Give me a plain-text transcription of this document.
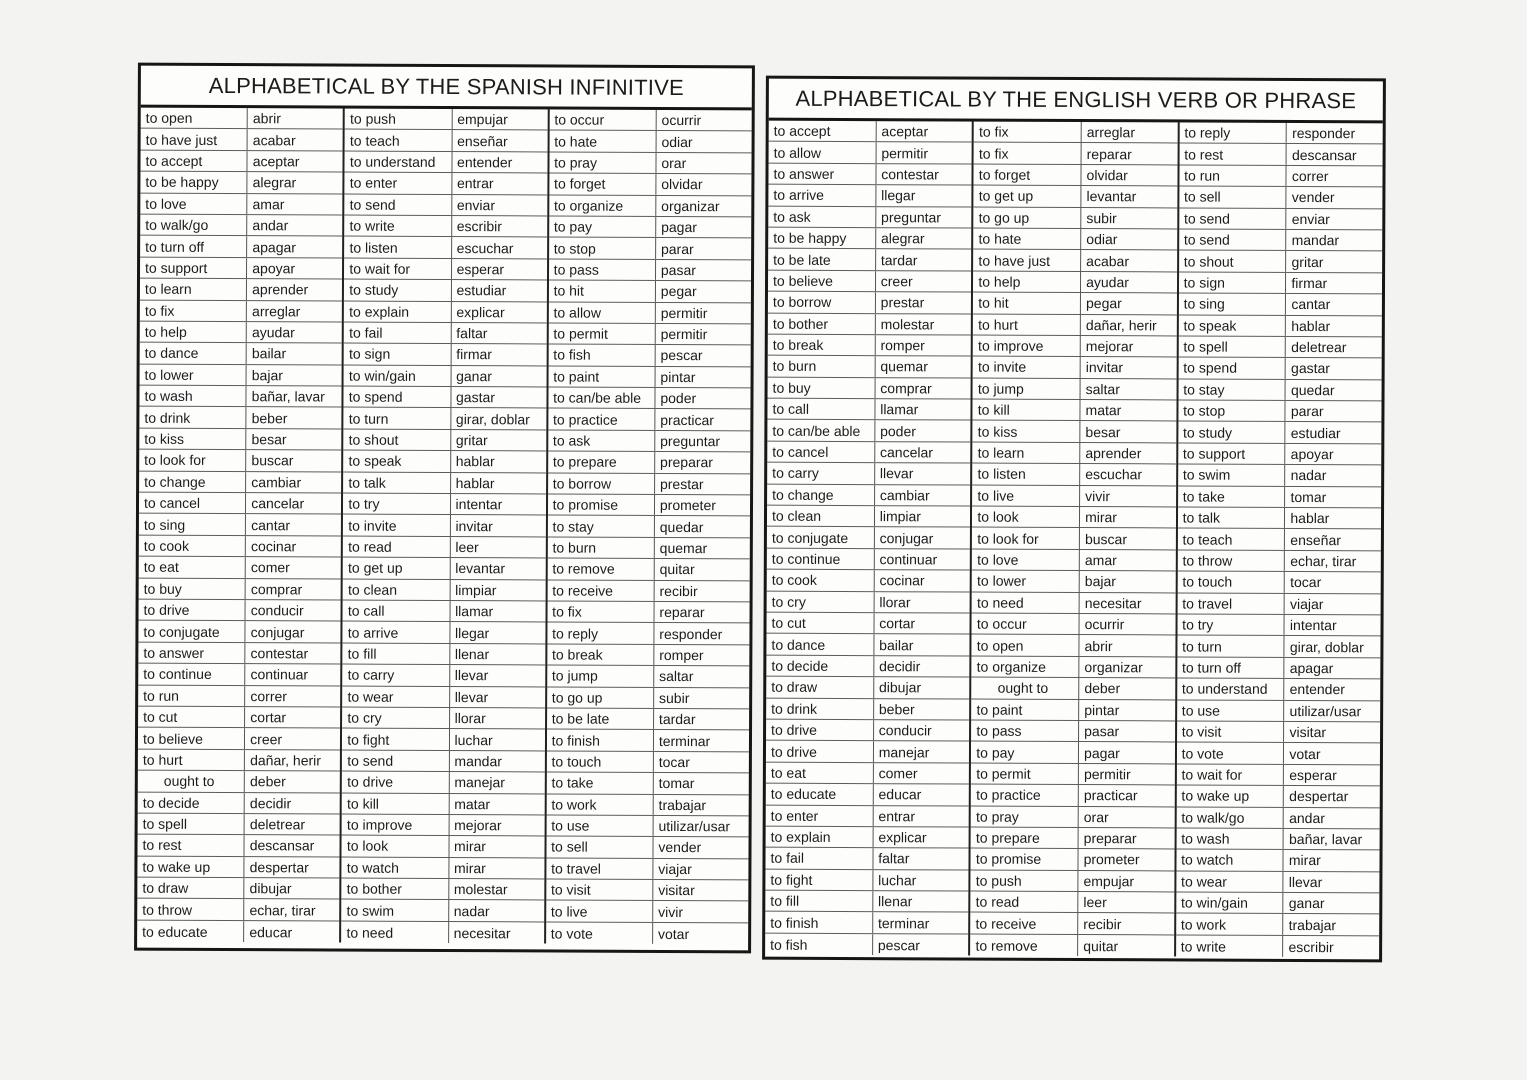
ALPHABETICAL BY THE SPANISH INFINITIVE
to open	abrir
to have just	acabar
to accept	aceptar
to be happy	alegrar
to love	amar
to walk/go	andar
to turn off	apagar
to support	apoyar
to learn	aprender
to fix	arreglar
to help	ayudar
to dance	bailar
to lower	bajar
to wash	bañar, lavar
to drink	beber
to kiss	besar
to look for	buscar
to change	cambiar
to cancel	cancelar
to sing	cantar
to cook	cocinar
to eat	comer
to buy	comprar
to drive	conducir
to conjugate	conjugar
to answer	contestar
to continue	continuar
to run	correr
to cut	cortar
to believe	creer
to hurt	dañar, herir
ought to	deber
to decide	decidir
to spell	deletrear
to rest	descansar
to wake up	despertar
to draw	dibujar
to throw	echar, tirar
to educate	educar
to push	empujar
to teach	enseñar
to understand	entender
to enter	entrar
to send	enviar
to write	escribir
to listen	escuchar
to wait for	esperar
to study	estudiar
to explain	explicar
to fail	faltar
to sign	firmar
to win/gain	ganar
to spend	gastar
to turn	girar, doblar
to shout	gritar
to speak	hablar
to talk	hablar
to try	intentar
to invite	invitar
to read	leer
to get up	levantar
to clean	limpiar
to call	llamar
to arrive	llegar
to fill	llenar
to carry	llevar
to wear	llevar
to cry	llorar
to fight	luchar
to send	mandar
to drive	manejar
to kill	matar
to improve	mejorar
to look	mirar
to watch	mirar
to bother	molestar
to swim	nadar
to need	necesitar
to occur	ocurrir
to hate	odiar
to pray	orar
to forget	olvidar
to organize	organizar
to pay	pagar
to stop	parar
to pass	pasar
to hit	pegar
to allow	permitir
to permit	permitir
to fish	pescar
to paint	pintar
to can/be able	poder
to practice	practicar
to ask	preguntar
to prepare	preparar
to borrow	prestar
to promise	prometer
to stay	quedar
to burn	quemar
to remove	quitar
to receive	recibir
to fix	reparar
to reply	responder
to break	romper
to jump	saltar
to go up	subir
to be late	tardar
to finish	terminar
to touch	tocar
to take	tomar
to work	trabajar
to use	utilizar/usar
to sell	vender
to travel	viajar
to visit	visitar
to live	vivir
to vote	votar
ALPHABETICAL BY THE ENGLISH VERB OR PHRASE
to accept	aceptar
to allow	permitir
to answer	contestar
to arrive	llegar
to ask	preguntar
to be happy	alegrar
to be late	tardar
to believe	creer
to borrow	prestar
to bother	molestar
to break	romper
to burn	quemar
to buy	comprar
to call	llamar
to can/be able	poder
to cancel	cancelar
to carry	llevar
to change	cambiar
to clean	limpiar
to conjugate	conjugar
to continue	continuar
to cook	cocinar
to cry	llorar
to cut	cortar
to dance	bailar
to decide	decidir
to draw	dibujar
to drink	beber
to drive	conducir
to drive	manejar
to eat	comer
to educate	educar
to enter	entrar
to explain	explicar
to fail	faltar
to fight	luchar
to fill	llenar
to finish	terminar
to fish	pescar
to fix	arreglar
to fix	reparar
to forget	olvidar
to get up	levantar
to go up	subir
to hate	odiar
to have just	acabar
to help	ayudar
to hit	pegar
to hurt	dañar, herir
to improve	mejorar
to invite	invitar
to jump	saltar
to kill	matar
to kiss	besar
to learn	aprender
to listen	escuchar
to live	vivir
to look	mirar
to look for	buscar
to love	amar
to lower	bajar
to need	necesitar
to occur	ocurrir
to open	abrir
to organize	organizar
ought to	deber
to paint	pintar
to pass	pasar
to pay	pagar
to permit	permitir
to practice	practicar
to pray	orar
to prepare	preparar
to promise	prometer
to push	empujar
to read	leer
to receive	recibir
to remove	quitar
to reply	responder
to rest	descansar
to run	correr
to sell	vender
to send	enviar
to send	mandar
to shout	gritar
to sign	firmar
to sing	cantar
to speak	hablar
to spell	deletrear
to spend	gastar
to stay	quedar
to stop	parar
to study	estudiar
to support	apoyar
to swim	nadar
to take	tomar
to talk	hablar
to teach	enseñar
to throw	echar, tirar
to touch	tocar
to travel	viajar
to try	intentar
to turn	girar, doblar
to turn off	apagar
to understand	entender
to use	utilizar/usar
to visit	visitar
to vote	votar
to wait for	esperar
to wake up	despertar
to walk/go	andar
to wash	bañar, lavar
to watch	mirar
to wear	llevar
to win/gain	ganar
to work	trabajar
to write	escribir
